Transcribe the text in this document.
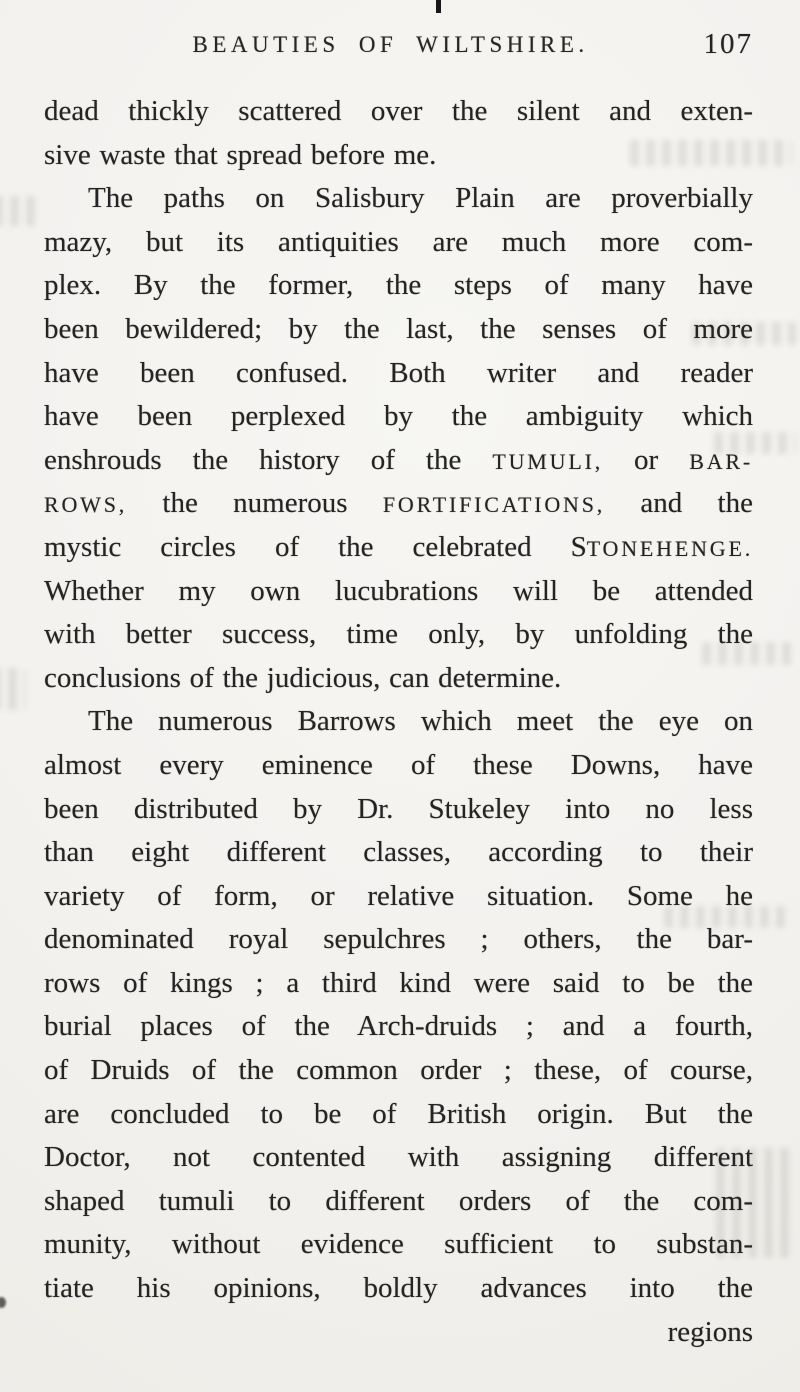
BEAUTIES OF WILTSHIRE.	107
dead thickly scattered over the silent and exten-
sive waste that spread before me.
The paths on Salisbury Plain are proverbially
mazy, but its antiquities are much more com-
plex. By the former, the steps of many have
been bewildered; by the last, the senses of more
have been confused. Both writer and reader
have been perplexed by the ambiguity which
enshrouds the history of the TUMULI, or BAR-
ROWS, the numerous FORTIFICATIONS, and the
mystic circles of the celebrated STONEHENGE.
Whether my own lucubrations will be attended
with better success, time only, by unfolding the
conclusions of the judicious, can determine.
The numerous Barrows which meet the eye on
almost every eminence of these Downs, have
been distributed by Dr. Stukeley into no less
than eight different classes, according to their
variety of form, or relative situation. Some he
denominated royal sepulchres ; others, the bar-
rows of kings ; a third kind were said to be the
burial places of the Arch-druids ; and a fourth,
of Druids of the common order ; these, of course,
are concluded to be of British origin. But the
Doctor, not contented with assigning different
shaped tumuli to different orders of the com-
munity, without evidence sufficient to substan-
tiate his opinions, boldly advances into the
regions
